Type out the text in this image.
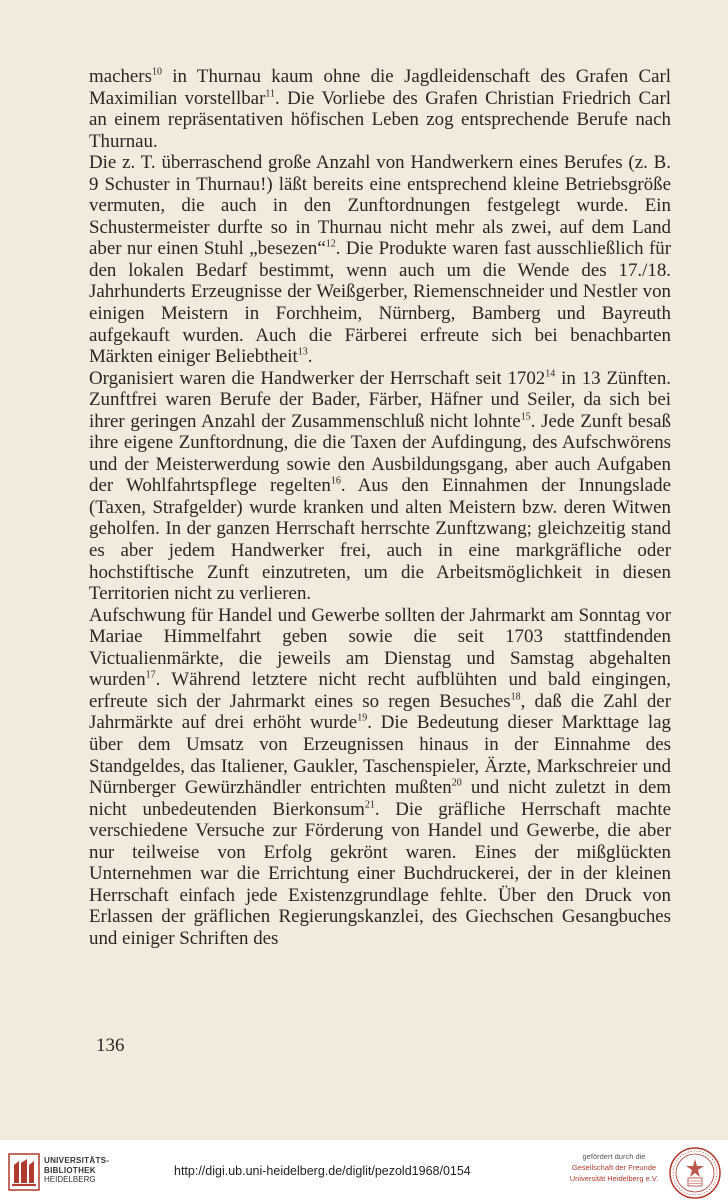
machers$^{10}$ in Thurnau kaum ohne die Jagdleidenschaft des Grafen Carl Maximilian vorstellbar$^{11}$. Die Vorliebe des Grafen Christian Friedrich Carl an einem repräsentativen höfischen Leben zog entsprechende Berufe nach Thurnau.

Die z. T. überraschend große Anzahl von Handwerkern eines Berufes (z. B. 9 Schuster in Thurnau!) läßt bereits eine entsprechend kleine Betriebsgröße vermuten, die auch in den Zunftordnungen festgelegt wurde. Ein Schustermeister durfte so in Thurnau nicht mehr als zwei, auf dem Land aber nur einen Stuhl „besezen“$^{12}$. Die Produkte waren fast ausschließlich für den lokalen Bedarf bestimmt, wenn auch um die Wende des 17./18. Jahrhunderts Erzeugnisse der Weißgerber, Riemenschneider und Nestler von einigen Meistern in Forchheim, Nürnberg, Bamberg und Bayreuth aufgekauft wurden. Auch die Färberei erfreute sich bei benachbarten Märkten einiger Beliebtheit$^{13}$.

Organisiert waren die Handwerker der Herrschaft seit 1702$^{14}$ in 13 Zünften. Zunftfrei waren Berufe der Bader, Färber, Häfner und Seiler, da sich bei ihrer geringen Anzahl der Zusammenschluß nicht lohnte$^{15}$. Jede Zunft besaß ihre eigene Zunftordnung, die die Taxen der Aufdingung, des Aufschwörens und der Meisterwerdung sowie den Ausbildungsgang, aber auch Aufgaben der Wohlfahrtspflege regelten$^{16}$. Aus den Einnahmen der Innungslade (Taxen, Strafgelder) wurde kranken und alten Meistern bzw. deren Witwen geholfen. In der ganzen Herrschaft herrschte Zunftzwang; gleichzeitig stand es aber jedem Handwerker frei, auch in eine markgräfliche oder hochstiftische Zunft einzutreten, um die Arbeitsmöglichkeit in diesen Territorien nicht zu verlieren.

Aufschwung für Handel und Gewerbe sollten der Jahrmarkt am Sonntag vor Mariae Himmelfahrt geben sowie die seit 1703 stattfindenden Victualienmärkte, die jeweils am Dienstag und Samstag abgehalten wurden$^{17}$. Während letztere nicht recht aufblühten und bald eingingen, erfreute sich der Jahrmarkt eines so regen Besuches$^{18}$, daß die Zahl der Jahrmärkte auf drei erhöht wurde$^{19}$. Die Bedeutung dieser Markttage lag über dem Umsatz von Erzeugnissen hinaus in der Einnahme des Standgeldes, das Italiener, Gaukler, Taschenspieler, Ärzte, Markschreier und Nürnberger Gewürzhändler entrichten mußten$^{20}$ und nicht zuletzt in dem nicht unbedeutenden Bierkonsum$^{21}$. Die gräfliche Herrschaft machte verschiedene Versuche zur Förderung von Handel und Gewerbe, die aber nur teilweise von Erfolg gekrönt waren. Eines der mißglückten Unternehmen war die Errichtung einer Buchdruckerei, der in der kleinen Herrschaft einfach jede Existenzgrundlage fehlte. Über den Druck von Erlassen der gräflichen Regierungskanzlei, des Giechschen Gesangbuches und einiger Schriften des

136
UNIVERSITÄTS-
BIBLIOTHEK
HEIDELBERG
http://digi.ub.uni-heidelberg.de/diglit/pezold1968/0154
gefördert durch die
Gesellschaft der Freunde
Universität Heidelberg e.V.
